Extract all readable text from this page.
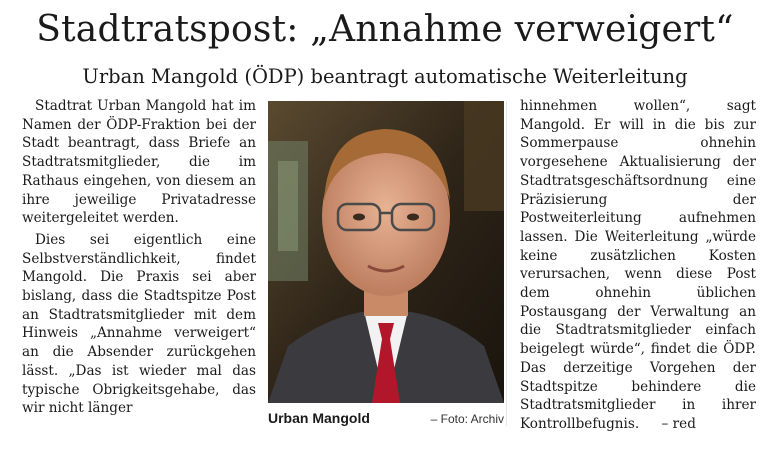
Stadtratspost: „Annahme verweigert“
Urban Mangold (ÖDP) beantragt automatische Weiterleitung

Stadtrat Urban Mangold hat im Namen der ÖDP-Fraktion bei der Stadt beantragt, dass Briefe an Stadtratsmitglieder, die im Rathaus eingehen, von diesem an ihre jeweilige Privatadresse weitergeleitet werden.

Dies sei eigentlich eine Selbstverständlichkeit, findet Mangold. Die Praxis sei aber bislang, dass die Stadtspitze Post an Stadtratsmitglieder mit dem Hinweis „Annahme verweigert“ an die Absender zurückgehen lässt. „Das ist wieder mal das typische Obrigkeitsgehabe, das wir nicht länger

Urban Mangold	– Foto: Archiv

hinnehmen wollen“, sagt Mangold. Er will in die bis zur Sommerpause ohnehin vorgesehene Aktualisierung der Stadtratsgeschäftsordnung eine Präzisierung der Postweiterleitung aufnehmen lassen. Die Weiterleitung „würde keine zusätzlichen Kosten verursachen, wenn diese Post dem ohnehin üblichen Postausgang der Verwaltung an die Stadtratsmitglieder einfach beigelegt würde“, findet die ÖDP. Das derzeitige Vorgehen der Stadtspitze behindere die Stadtratsmitglieder in ihrer Kontrollbefugnis. – red
